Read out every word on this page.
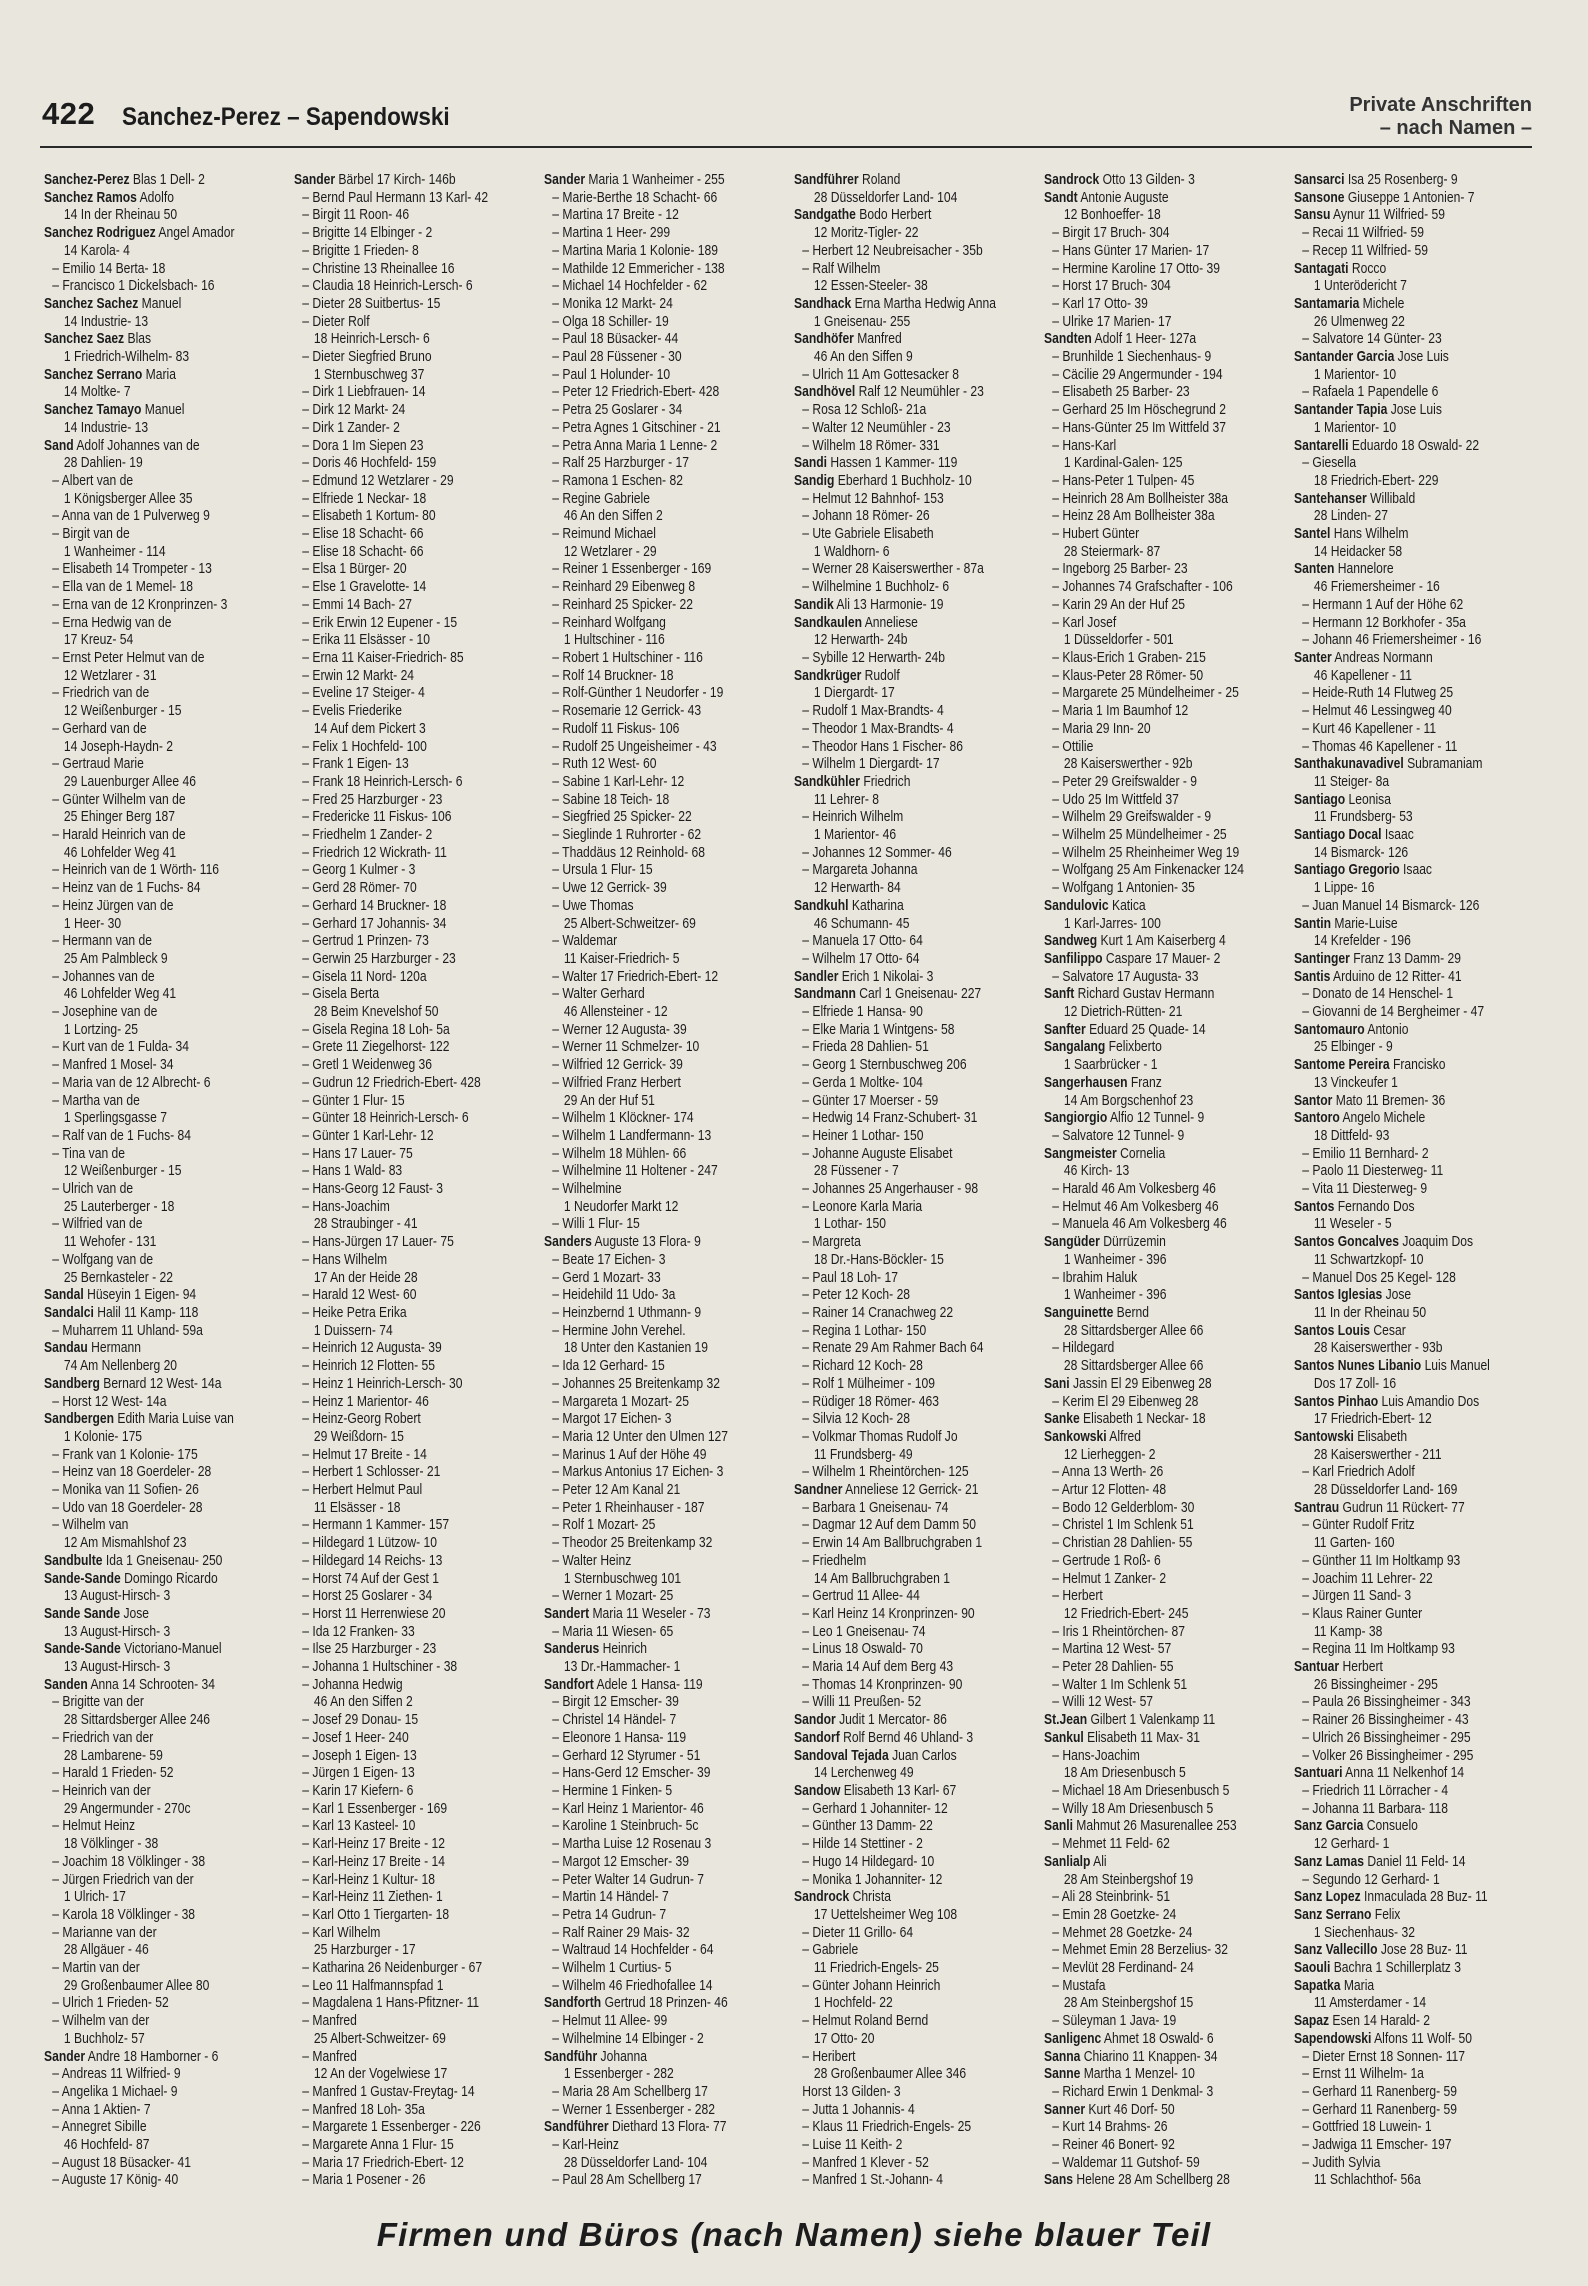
422 Sanchez-Perez – Sapendowski	Private Anschriften
– nach Namen –
Sanchez-Perez Blas 1 Dell- 2
Sanchez Ramos Adolfo
14 In der Rheinau 50
Sanchez Rodriguez Angel Amador
14 Karola- 4
– Emilio 14 Berta- 18
– Francisco 1 Dickelsbach- 16
Sanchez Sachez Manuel
14 Industrie- 13
Sanchez Saez Blas
1 Friedrich-Wilhelm- 83
Sanchez Serrano Maria
14 Moltke- 7
Sanchez Tamayo Manuel
14 Industrie- 13
Sand Adolf Johannes van de
28 Dahlien- 19
– Albert van de
1 Königsberger Allee 35
– Anna van de 1 Pulverweg 9
– Birgit van de
1 Wanheimer - 114
– Elisabeth 14 Trompeter - 13
– Ella van de 1 Memel- 18
– Erna van de 12 Kronprinzen- 3
– Erna Hedwig van de
17 Kreuz- 54
– Ernst Peter Helmut van de
12 Wetzlarer - 31
– Friedrich van de
12 Weißenburger - 15
– Gerhard van de
14 Joseph-Haydn- 2
– Gertraud Marie
29 Lauenburger Allee 46
– Günter Wilhelm van de
25 Ehinger Berg 187
– Harald Heinrich van de
46 Lohfelder Weg 41
– Heinrich van de 1 Wörth- 116
– Heinz van de 1 Fuchs- 84
– Heinz Jürgen van de
1 Heer- 30
– Hermann van de
25 Am Palmbleck 9
– Johannes van de
46 Lohfelder Weg 41
– Josephine van de
1 Lortzing- 25
– Kurt van de 1 Fulda- 34
– Manfred 1 Mosel- 34
– Maria van de 12 Albrecht- 6
– Martha van de
1 Sperlingsgasse 7
– Ralf van de 1 Fuchs- 84
– Tina van de
12 Weißenburger - 15
– Ulrich van de
25 Lauterberger - 18
– Wilfried van de
11 Wehofer - 131
– Wolfgang van de
25 Bernkasteler - 22
Sandal Hüseyin 1 Eigen- 94
Sandalci Halil 11 Kamp- 118
– Muharrem 11 Uhland- 59a
Sandau Hermann
74 Am Nellenberg 20
Sandberg Bernard 12 West- 14a
– Horst 12 West- 14a
Sandbergen Edith Maria Luise van
1 Kolonie- 175
– Frank van 1 Kolonie- 175
– Heinz van 18 Goerdeler- 28
– Monika van 11 Sofien- 26
– Udo van 18 Goerdeler- 28
– Wilhelm van
12 Am Mismahlshof 23
Sandbulte Ida 1 Gneisenau- 250
Sande-Sande Domingo Ricardo
13 August-Hirsch- 3
Sande Sande Jose
13 August-Hirsch- 3
Sande-Sande Victoriano-Manuel
13 August-Hirsch- 3
Sanden Anna 14 Schrooten- 34
– Brigitte van der
28 Sittardsberger Allee 246
– Friedrich van der
28 Lambarene- 59
– Harald 1 Frieden- 52
– Heinrich van der
29 Angermunder - 270c
– Helmut Heinz
18 Völklinger - 38
– Joachim 18 Völklinger - 38
– Jürgen Friedrich van der
1 Ulrich- 17
– Karola 18 Völklinger - 38
– Marianne van der
28 Allgäuer - 46
– Martin van der
29 Großenbaumer Allee 80
– Ulrich 1 Frieden- 52
– Wilhelm van der
1 Buchholz- 57
Sander Andre 18 Hamborner - 6
– Andreas 11 Wilfried- 9
– Angelika 1 Michael- 9
– Anna 1 Aktien- 7
– Annegret Sibille
46 Hochfeld- 87
– August 18 Büsacker- 41
– Auguste 17 König- 40
Sander Bärbel 17 Kirch- 146b
– Bernd Paul Hermann 13 Karl- 42
– Birgit 11 Roon- 46
– Brigitte 14 Elbinger - 2
– Brigitte 1 Frieden- 8
– Christine 13 Rheinallee 16
– Claudia 18 Heinrich-Lersch- 6
– Dieter 28 Suitbertus- 15
– Dieter Rolf
18 Heinrich-Lersch- 6
– Dieter Siegfried Bruno
1 Sternbuschweg 37
– Dirk 1 Liebfrauen- 14
– Dirk 12 Markt- 24
– Dirk 1 Zander- 2
– Dora 1 Im Siepen 23
– Doris 46 Hochfeld- 159
– Edmund 12 Wetzlarer - 29
– Elfriede 1 Neckar- 18
– Elisabeth 1 Kortum- 80
– Elise 18 Schacht- 66
– Elise 18 Schacht- 66
– Elsa 1 Bürger- 20
– Else 1 Gravelotte- 14
– Emmi 14 Bach- 27
– Erik Erwin 12 Eupener - 15
– Erika 11 Elsässer - 10
– Erna 11 Kaiser-Friedrich- 85
– Erwin 12 Markt- 24
– Eveline 17 Steiger- 4
– Evelis Friederike
14 Auf dem Pickert 3
– Felix 1 Hochfeld- 100
– Frank 1 Eigen- 13
– Frank 18 Heinrich-Lersch- 6
– Fred 25 Harzburger - 23
– Fredericke 11 Fiskus- 106
– Friedhelm 1 Zander- 2
– Friedrich 12 Wickrath- 11
– Georg 1 Kulmer - 3
– Gerd 28 Römer- 70
– Gerhard 14 Bruckner- 18
– Gerhard 17 Johannis- 34
– Gertrud 1 Prinzen- 73
– Gerwin 25 Harzburger - 23
– Gisela 11 Nord- 120a
– Gisela Berta
28 Beim Knevelshof 50
– Gisela Regina 18 Loh- 5a
– Grete 11 Ziegelhorst- 122
– Gretl 1 Weidenweg 36
– Gudrun 12 Friedrich-Ebert- 428
– Günter 1 Flur- 15
– Günter 18 Heinrich-Lersch- 6
– Günter 1 Karl-Lehr- 12
– Hans 17 Lauer- 75
– Hans 1 Wald- 83
– Hans-Georg 12 Faust- 3
– Hans-Joachim
28 Straubinger - 41
– Hans-Jürgen 17 Lauer- 75
– Hans Wilhelm
17 An der Heide 28
– Harald 12 West- 60
– Heike Petra Erika
1 Duissern- 74
– Heinrich 12 Augusta- 39
– Heinrich 12 Flotten- 55
– Heinz 1 Heinrich-Lersch- 30
– Heinz 1 Marientor- 46
– Heinz-Georg Robert
29 Weißdorn- 15
– Helmut 17 Breite - 14
– Herbert 1 Schlosser- 21
– Herbert Helmut Paul
11 Elsässer - 18
– Hermann 1 Kammer- 157
– Hildegard 1 Lützow- 10
– Hildegard 14 Reichs- 13
– Horst 74 Auf der Gest 1
– Horst 25 Goslarer - 34
– Horst 11 Herrenwiese 20
– Ida 12 Franken- 33
– Ilse 25 Harzburger - 23
– Johanna 1 Hultschiner - 38
– Johanna Hedwig
46 An den Siffen 2
– Josef 29 Donau- 15
– Josef 1 Heer- 240
– Joseph 1 Eigen- 13
– Jürgen 1 Eigen- 13
– Karin 17 Kiefern- 6
– Karl 1 Essenberger - 169
– Karl 13 Kasteel- 10
– Karl-Heinz 17 Breite - 12
– Karl-Heinz 17 Breite - 14
– Karl-Heinz 1 Kultur- 18
– Karl-Heinz 11 Ziethen- 1
– Karl Otto 1 Tiergarten- 18
– Karl Wilhelm
25 Harzburger - 17
– Katharina 26 Neidenburger - 67
– Leo 11 Halfmannspfad 1
– Magdalena 1 Hans-Pfitzner- 11
– Manfred
25 Albert-Schweitzer- 69
– Manfred
12 An der Vogelwiese 17
– Manfred 1 Gustav-Freytag- 14
– Manfred 18 Loh- 35a
– Margarete 1 Essenberger - 226
– Margarete Anna 1 Flur- 15
– Maria 17 Friedrich-Ebert- 12
– Maria 1 Posener - 26
Sander Maria 1 Wanheimer - 255
– Marie-Berthe 18 Schacht- 66
– Martina 17 Breite - 12
– Martina 1 Heer- 299
– Martina Maria 1 Kolonie- 189
– Mathilde 12 Emmericher - 138
– Michael 14 Hochfelder - 62
– Monika 12 Markt- 24
– Olga 18 Schiller- 19
– Paul 18 Büsacker- 44
– Paul 28 Füssener - 30
– Paul 1 Holunder- 10
– Peter 12 Friedrich-Ebert- 428
– Petra 25 Goslarer - 34
– Petra Agnes 1 Gitschiner - 21
– Petra Anna Maria 1 Lenne- 2
– Ralf 25 Harzburger - 17
– Ramona 1 Eschen- 82
– Regine Gabriele
46 An den Siffen 2
– Reimund Michael
12 Wetzlarer - 29
– Reiner 1 Essenberger - 169
– Reinhard 29 Eibenweg 8
– Reinhard 25 Spicker- 22
– Reinhard Wolfgang
1 Hultschiner - 116
– Robert 1 Hultschiner - 116
– Rolf 14 Bruckner- 18
– Rolf-Günther 1 Neudorfer - 19
– Rosemarie 12 Gerrick- 43
– Rudolf 11 Fiskus- 106
– Rudolf 25 Ungeisheimer - 43
– Ruth 12 West- 60
– Sabine 1 Karl-Lehr- 12
– Sabine 18 Teich- 18
– Siegfried 25 Spicker- 22
– Sieglinde 1 Ruhrorter - 62
– Thaddäus 12 Reinhold- 68
– Ursula 1 Flur- 15
– Uwe 12 Gerrick- 39
– Uwe Thomas
25 Albert-Schweitzer- 69
– Waldemar
11 Kaiser-Friedrich- 5
– Walter 17 Friedrich-Ebert- 12
– Walter Gerhard
46 Allensteiner - 12
– Werner 12 Augusta- 39
– Werner 11 Schmelzer- 10
– Wilfried 12 Gerrick- 39
– Wilfried Franz Herbert
29 An der Huf 51
– Wilhelm 1 Klöckner- 174
– Wilhelm 1 Landfermann- 13
– Wilhelm 18 Mühlen- 66
– Wilhelmine 11 Holtener - 247
– Wilhelmine
1 Neudorfer Markt 12
– Willi 1 Flur- 15
Sanders Auguste 13 Flora- 9
– Beate 17 Eichen- 3
– Gerd 1 Mozart- 33
– Heidehild 11 Udo- 3a
– Heinzbernd 1 Uthmann- 9
– Hermine John Verehel.
18 Unter den Kastanien 19
– Ida 12 Gerhard- 15
– Johannes 25 Breitenkamp 32
– Margareta 1 Mozart- 25
– Margot 17 Eichen- 3
– Maria 12 Unter den Ulmen 127
– Marinus 1 Auf der Höhe 49
– Markus Antonius 17 Eichen- 3
– Peter 12 Am Kanal 21
– Peter 1 Rheinhauser - 187
– Rolf 1 Mozart- 25
– Theodor 25 Breitenkamp 32
– Walter Heinz
1 Sternbuschweg 101
– Werner 1 Mozart- 25
Sandert Maria 11 Weseler - 73
– Maria 11 Wiesen- 65
Sanderus Heinrich
13 Dr.-Hammacher- 1
Sandfort Adele 1 Hansa- 119
– Birgit 12 Emscher- 39
– Christel 14 Händel- 7
– Eleonore 1 Hansa- 119
– Gerhard 12 Styrumer - 51
– Hans-Gerd 12 Emscher- 39
– Hermine 1 Finken- 5
– Karl Heinz 1 Marientor- 46
– Karoline 1 Steinbruch- 5c
– Martha Luise 12 Rosenau 3
– Margot 12 Emscher- 39
– Peter Walter 14 Gudrun- 7
– Martin 14 Händel- 7
– Petra 14 Gudrun- 7
– Ralf Rainer 29 Mais- 32
– Waltraud 14 Hochfelder - 64
– Wilhelm 1 Curtius- 5
– Wilhelm 46 Friedhofallee 14
Sandforth Gertrud 18 Prinzen- 46
– Helmut 11 Allee- 99
– Wilhelmine 14 Elbinger - 2
Sandführ Johanna
1 Essenberger - 282
– Maria 28 Am Schellberg 17
– Werner 1 Essenberger - 282
Sandführer Diethard 13 Flora- 77
– Karl-Heinz
28 Düsseldorfer Land- 104
– Paul 28 Am Schellberg 17
Sandführer Roland
28 Düsseldorfer Land- 104
Sandgathe Bodo Herbert
12 Moritz-Tigler- 22
– Herbert 12 Neubreisacher - 35b
– Ralf Wilhelm
12 Essen-Steeler- 38
Sandhack Erna Martha Hedwig Anna
1 Gneisenau- 255
Sandhöfer Manfred
46 An den Siffen 9
– Ulrich 11 Am Gottesacker 8
Sandhövel Ralf 12 Neumühler - 23
– Rosa 12 Schloß- 21a
– Walter 12 Neumühler - 23
– Wilhelm 18 Römer- 331
Sandi Hassen 1 Kammer- 119
Sandig Eberhard 1 Buchholz- 10
– Helmut 12 Bahnhof- 153
– Johann 18 Römer- 26
– Ute Gabriele Elisabeth
1 Waldhorn- 6
– Werner 28 Kaiserswerther - 87a
– Wilhelmine 1 Buchholz- 6
Sandik Ali 13 Harmonie- 19
Sandkaulen Anneliese
12 Herwarth- 24b
– Sybille 12 Herwarth- 24b
Sandkrüger Rudolf
1 Diergardt- 17
– Rudolf 1 Max-Brandts- 4
– Theodor 1 Max-Brandts- 4
– Theodor Hans 1 Fischer- 86
– Wilhelm 1 Diergardt- 17
Sandkühler Friedrich
11 Lehrer- 8
– Heinrich Wilhelm
1 Marientor- 46
– Johannes 12 Sommer- 46
– Margareta Johanna
12 Herwarth- 84
Sandkuhl Katharina
46 Schumann- 45
– Manuela 17 Otto- 64
– Wilhelm 17 Otto- 64
Sandler Erich 1 Nikolai- 3
Sandmann Carl 1 Gneisenau- 227
– Elfriede 1 Hansa- 90
– Elke Maria 1 Wintgens- 58
– Frieda 28 Dahlien- 51
– Georg 1 Sternbuschweg 206
– Gerda 1 Moltke- 104
– Günter 17 Moerser - 59
– Hedwig 14 Franz-Schubert- 31
– Heiner 1 Lothar- 150
– Johanne Auguste Elisabet
28 Füssener - 7
– Johannes 25 Angerhauser - 98
– Leonore Karla Maria
1 Lothar- 150
– Margreta
18 Dr.-Hans-Böckler- 15
– Paul 18 Loh- 17
– Peter 12 Koch- 28
– Rainer 14 Cranachweg 22
– Regina 1 Lothar- 150
– Renate 29 Am Rahmer Bach 64
– Richard 12 Koch- 28
– Rolf 1 Mülheimer - 109
– Rüdiger 18 Römer- 463
– Silvia 12 Koch- 28
– Volkmar Thomas Rudolf Jo
11 Frundsberg- 49
– Wilhelm 1 Rheintörchen- 125
Sandner Anneliese 12 Gerrick- 21
– Barbara 1 Gneisenau- 74
– Dagmar 12 Auf dem Damm 50
– Erwin 14 Am Ballbruchgraben 1
– Friedhelm
14 Am Ballbruchgraben 1
– Gertrud 11 Allee- 44
– Karl Heinz 14 Kronprinzen- 90
– Leo 1 Gneisenau- 74
– Linus 18 Oswald- 70
– Maria 14 Auf dem Berg 43
– Thomas 14 Kronprinzen- 90
– Willi 11 Preußen- 52
Sandor Judit 1 Mercator- 86
Sandorf Rolf Bernd 46 Uhland- 3
Sandoval Tejada Juan Carlos
14 Lerchenweg 49
Sandow Elisabeth 13 Karl- 67
– Gerhard 1 Johanniter- 12
– Günther 13 Damm- 22
– Hilde 14 Stettiner - 2
– Hugo 14 Hildegard- 10
– Monika 1 Johanniter- 12
Sandrock Christa
17 Uettelsheimer Weg 108
– Dieter 11 Grillo- 64
– Gabriele
11 Friedrich-Engels- 25
– Günter Johann Heinrich
1 Hochfeld- 22
– Helmut Roland Bernd
17 Otto- 20
– Heribert
28 Großenbaumer Allee 346
Horst 13 Gilden- 3
– Jutta 1 Johannis- 4
– Klaus 11 Friedrich-Engels- 25
– Luise 11 Keith- 2
– Manfred 1 Klever - 52
– Manfred 1 St.-Johann- 4
Sandrock Otto 13 Gilden- 3
Sandt Antonie Auguste
12 Bonhoeffer- 18
– Birgit 17 Bruch- 304
– Hans Günter 17 Marien- 17
– Hermine Karoline 17 Otto- 39
– Horst 17 Bruch- 304
– Karl 17 Otto- 39
– Ulrike 17 Marien- 17
Sandten Adolf 1 Heer- 127a
– Brunhilde 1 Siechenhaus- 9
– Cäcilie 29 Angermunder - 194
– Elisabeth 25 Barber- 23
– Gerhard 25 Im Höschegrund 2
– Hans-Günter 25 Im Wittfeld 37
– Hans-Karl
1 Kardinal-Galen- 125
– Hans-Peter 1 Tulpen- 45
– Heinrich 28 Am Bollheister 38a
– Heinz 28 Am Bollheister 38a
– Hubert Günter
28 Steiermark- 87
– Ingeborg 25 Barber- 23
– Johannes 74 Grafschafter - 106
– Karin 29 An der Huf 25
– Karl Josef
1 Düsseldorfer - 501
– Klaus-Erich 1 Graben- 215
– Klaus-Peter 28 Römer- 50
– Margarete 25 Mündelheimer - 25
– Maria 1 Im Baumhof 12
– Maria 29 Inn- 20
– Ottilie
28 Kaiserswerther - 92b
– Peter 29 Greifswalder - 9
– Udo 25 Im Wittfeld 37
– Wilhelm 29 Greifswalder - 9
– Wilhelm 25 Mündelheimer - 25
– Wilhelm 25 Rheinheimer Weg 19
– Wolfgang 25 Am Finkenacker 124
– Wolfgang 1 Antonien- 35
Sandulovic Katica
1 Karl-Jarres- 100
Sandweg Kurt 1 Am Kaiserberg 4
Sanfilippo Caspare 17 Mauer- 2
– Salvatore 17 Augusta- 33
Sanft Richard Gustav Hermann
12 Dietrich-Rütten- 21
Sanfter Eduard 25 Quade- 14
Sangalang Felixberto
1 Saarbrücker - 1
Sangerhausen Franz
14 Am Borgschenhof 23
Sangiorgio Alfio 12 Tunnel- 9
– Salvatore 12 Tunnel- 9
Sangmeister Cornelia
46 Kirch- 13
– Harald 46 Am Volkesberg 46
– Helmut 46 Am Volkesberg 46
– Manuela 46 Am Volkesberg 46
Sangüder Dürrüzemin
1 Wanheimer - 396
– Ibrahim Haluk
1 Wanheimer - 396
Sanguinette Bernd
28 Sittardsberger Allee 66
– Hildegard
28 Sittardsberger Allee 66
Sani Jassin El 29 Eibenweg 28
– Kerim El 29 Eibenweg 28
Sanke Elisabeth 1 Neckar- 18
Sankowski Alfred
12 Lierheggen- 2
– Anna 13 Werth- 26
– Artur 12 Flotten- 48
– Bodo 12 Gelderblom- 30
– Christel 1 Im Schlenk 51
– Christian 28 Dahlien- 55
– Gertrude 1 Roß- 6
– Helmut 1 Zanker- 2
– Herbert
12 Friedrich-Ebert- 245
– Iris 1 Rheintörchen- 87
– Martina 12 West- 57
– Peter 28 Dahlien- 55
– Walter 1 Im Schlenk 51
– Willi 12 West- 57
St.Jean Gilbert 1 Valenkamp 11
Sankul Elisabeth 11 Max- 31
– Hans-Joachim
18 Am Driesenbusch 5
– Michael 18 Am Driesenbusch 5
– Willy 18 Am Driesenbusch 5
Sanli Mahmut 26 Masurenallee 253
– Mehmet 11 Feld- 62
Sanlialp Ali
28 Am Steinbergshof 19
– Ali 28 Steinbrink- 51
– Emin 28 Goetzke- 24
– Mehmet 28 Goetzke- 24
– Mehmet Emin 28 Berzelius- 32
– Mevlüt 28 Ferdinand- 24
– Mustafa
28 Am Steinbergshof 15
– Süleyman 1 Java- 19
Sanligenc Ahmet 18 Oswald- 6
Sanna Chiarino 11 Knappen- 34
Sanne Martha 1 Menzel- 10
– Richard Erwin 1 Denkmal- 3
Sanner Kurt 46 Dorf- 50
– Kurt 14 Brahms- 26
– Reiner 46 Bonert- 92
– Waldemar 11 Gutshof- 59
Sans Helene 28 Am Schellberg 28
Sansarci Isa 25 Rosenberg- 9
Sansone Giuseppe 1 Antonien- 7
Sansu Aynur 11 Wilfried- 59
– Recai 11 Wilfried- 59
– Recep 11 Wilfried- 59
Santagati Rocco
1 Unterödericht 7
Santamaria Michele
26 Ulmenweg 22
– Salvatore 14 Günter- 23
Santander Garcia Jose Luis
1 Marientor- 10
– Rafaela 1 Papendelle 6
Santander Tapia Jose Luis
1 Marientor- 10
Santarelli Eduardo 18 Oswald- 22
– Giesella
18 Friedrich-Ebert- 229
Santehanser Willibald
28 Linden- 27
Santel Hans Wilhelm
14 Heidacker 58
Santen Hannelore
46 Friemersheimer - 16
– Hermann 1 Auf der Höhe 62
– Hermann 12 Borkhofer - 35a
– Johann 46 Friemersheimer - 16
Santer Andreas Normann
46 Kapellener - 11
– Heide-Ruth 14 Flutweg 25
– Helmut 46 Lessingweg 40
– Kurt 46 Kapellener - 11
– Thomas 46 Kapellener - 11
Santhakunavadivel Subramaniam
11 Steiger- 8a
Santiago Leonisa
11 Frundsberg- 53
Santiago Docal Isaac
14 Bismarck- 126
Santiago Gregorio Isaac
1 Lippe- 16
– Juan Manuel 14 Bismarck- 126
Santin Marie-Luise
14 Krefelder - 196
Santinger Franz 13 Damm- 29
Santis Arduino de 12 Ritter- 41
– Donato de 14 Henschel- 1
– Giovanni de 14 Bergheimer - 47
Santomauro Antonio
25 Elbinger - 9
Santome Pereira Francisko
13 Vinckeufer 1
Santor Mato 11 Bremen- 36
Santoro Angelo Michele
18 Dittfeld- 93
– Emilio 11 Bernhard- 2
– Paolo 11 Diesterweg- 11
– Vita 11 Diesterweg- 9
Santos Fernando Dos
11 Weseler - 5
Santos Goncalves Joaquim Dos
11 Schwartzkopf- 10
– Manuel Dos 25 Kegel- 128
Santos Iglesias Jose
11 In der Rheinau 50
Santos Louis Cesar
28 Kaiserswerther - 93b
Santos Nunes Libanio Luis Manuel
Dos 17 Zoll- 16
Santos Pinhao Luis Amandio Dos
17 Friedrich-Ebert- 12
Santowski Elisabeth
28 Kaiserswerther - 211
– Karl Friedrich Adolf
28 Düsseldorfer Land- 169
Santrau Gudrun 11 Rückert- 77
– Günter Rudolf Fritz
11 Garten- 160
– Günther 11 Im Holtkamp 93
– Joachim 11 Lehrer- 22
– Jürgen 11 Sand- 3
– Klaus Rainer Gunter
11 Kamp- 38
– Regina 11 Im Holtkamp 93
Santuar Herbert
26 Bissingheimer - 295
– Paula 26 Bissingheimer - 343
– Rainer 26 Bissingheimer - 43
– Ulrich 26 Bissingheimer - 295
– Volker 26 Bissingheimer - 295
Santuari Anna 11 Nelkenhof 14
– Friedrich 11 Lörracher - 4
– Johanna 11 Barbara- 118
Sanz Garcia Consuelo
12 Gerhard- 1
Sanz Lamas Daniel 11 Feld- 14
– Segundo 12 Gerhard- 1
Sanz Lopez Inmaculada 28 Buz- 11
Sanz Serrano Felix
1 Siechenhaus- 32
Sanz Vallecillo Jose 28 Buz- 11
Saouli Bachra 1 Schillerplatz 3
Sapatka Maria
11 Amsterdamer - 14
Sapaz Esen 14 Harald- 2
Sapendowski Alfons 11 Wolf- 50
– Dieter Ernst 18 Sonnen- 117
– Ernst 11 Wilhelm- 1a
– Gerhard 11 Ranenberg- 59
– Gerhard 11 Ranenberg- 59
– Gottfried 18 Luwein- 1
– Jadwiga 11 Emscher- 197
– Judith Sylvia
11 Schlachthof- 56a
Firmen und Büros (nach Namen) siehe blauer Teil
